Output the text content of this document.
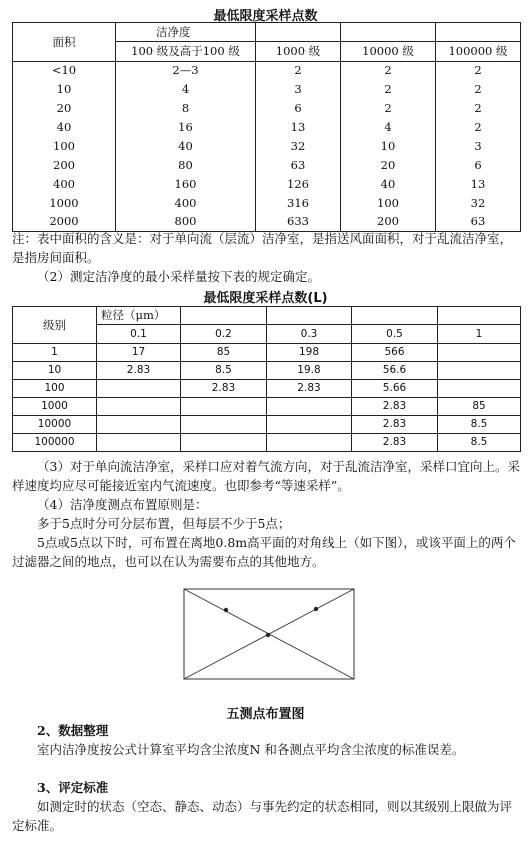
最低限度采样点数
面积	洁净度			
	100 级及高于100 级	1000 级	10000 级	100000 级
<10	2—3	2	2	2
10	4	3	2	2
20	8	6	2	2
40	16	13	4	2
100	40	32	10	3
200	80	63	20	6
400	160	126	40	13
1000	400	316	100	32
2000	800	633	200	63

注：表中面积的含义是：对于单向流（层流）洁净室，是指送风面面积，对于乱流洁净室，是指房间面积。

（2）测定洁净度的最小采样量按下表的规定确定。

最低限度采样点数(L)
级别	粒径（μm）				
	0.1	0.2	0.3	0.5	1
1	17	85	198	566	
10	2.83	8.5	19.8	56.6	
100		2.83	2.83	5.66	
1000				2.83	85
10000				2.83	8.5
100000				2.83	8.5

（3）对于单向流洁净室，采样口应对着气流方向，对于乱流洁净室，采样口宜向上。采样速度均应尽可能接近室内气流速度。也即参考“等速采样”。

（4）洁净度测点布置原则是：

多于5点时分可分层布置，但每层不少于5点；

5点或5点以下时，可布置在离地0.8m高平面的对角线上（如下图），或该平面上的两个过滤器之间的地点，也可以在认为需要布点的其他地方。

五测点布置图

2、数据整理

室内洁净度按公式计算室平均含尘浓度N 和各测点平均含尘浓度的标准误差。

3、评定标准

如测定时的状态（空态、静态、动态）与事先约定的状态相同，则以其级别上限做为评定标准。
